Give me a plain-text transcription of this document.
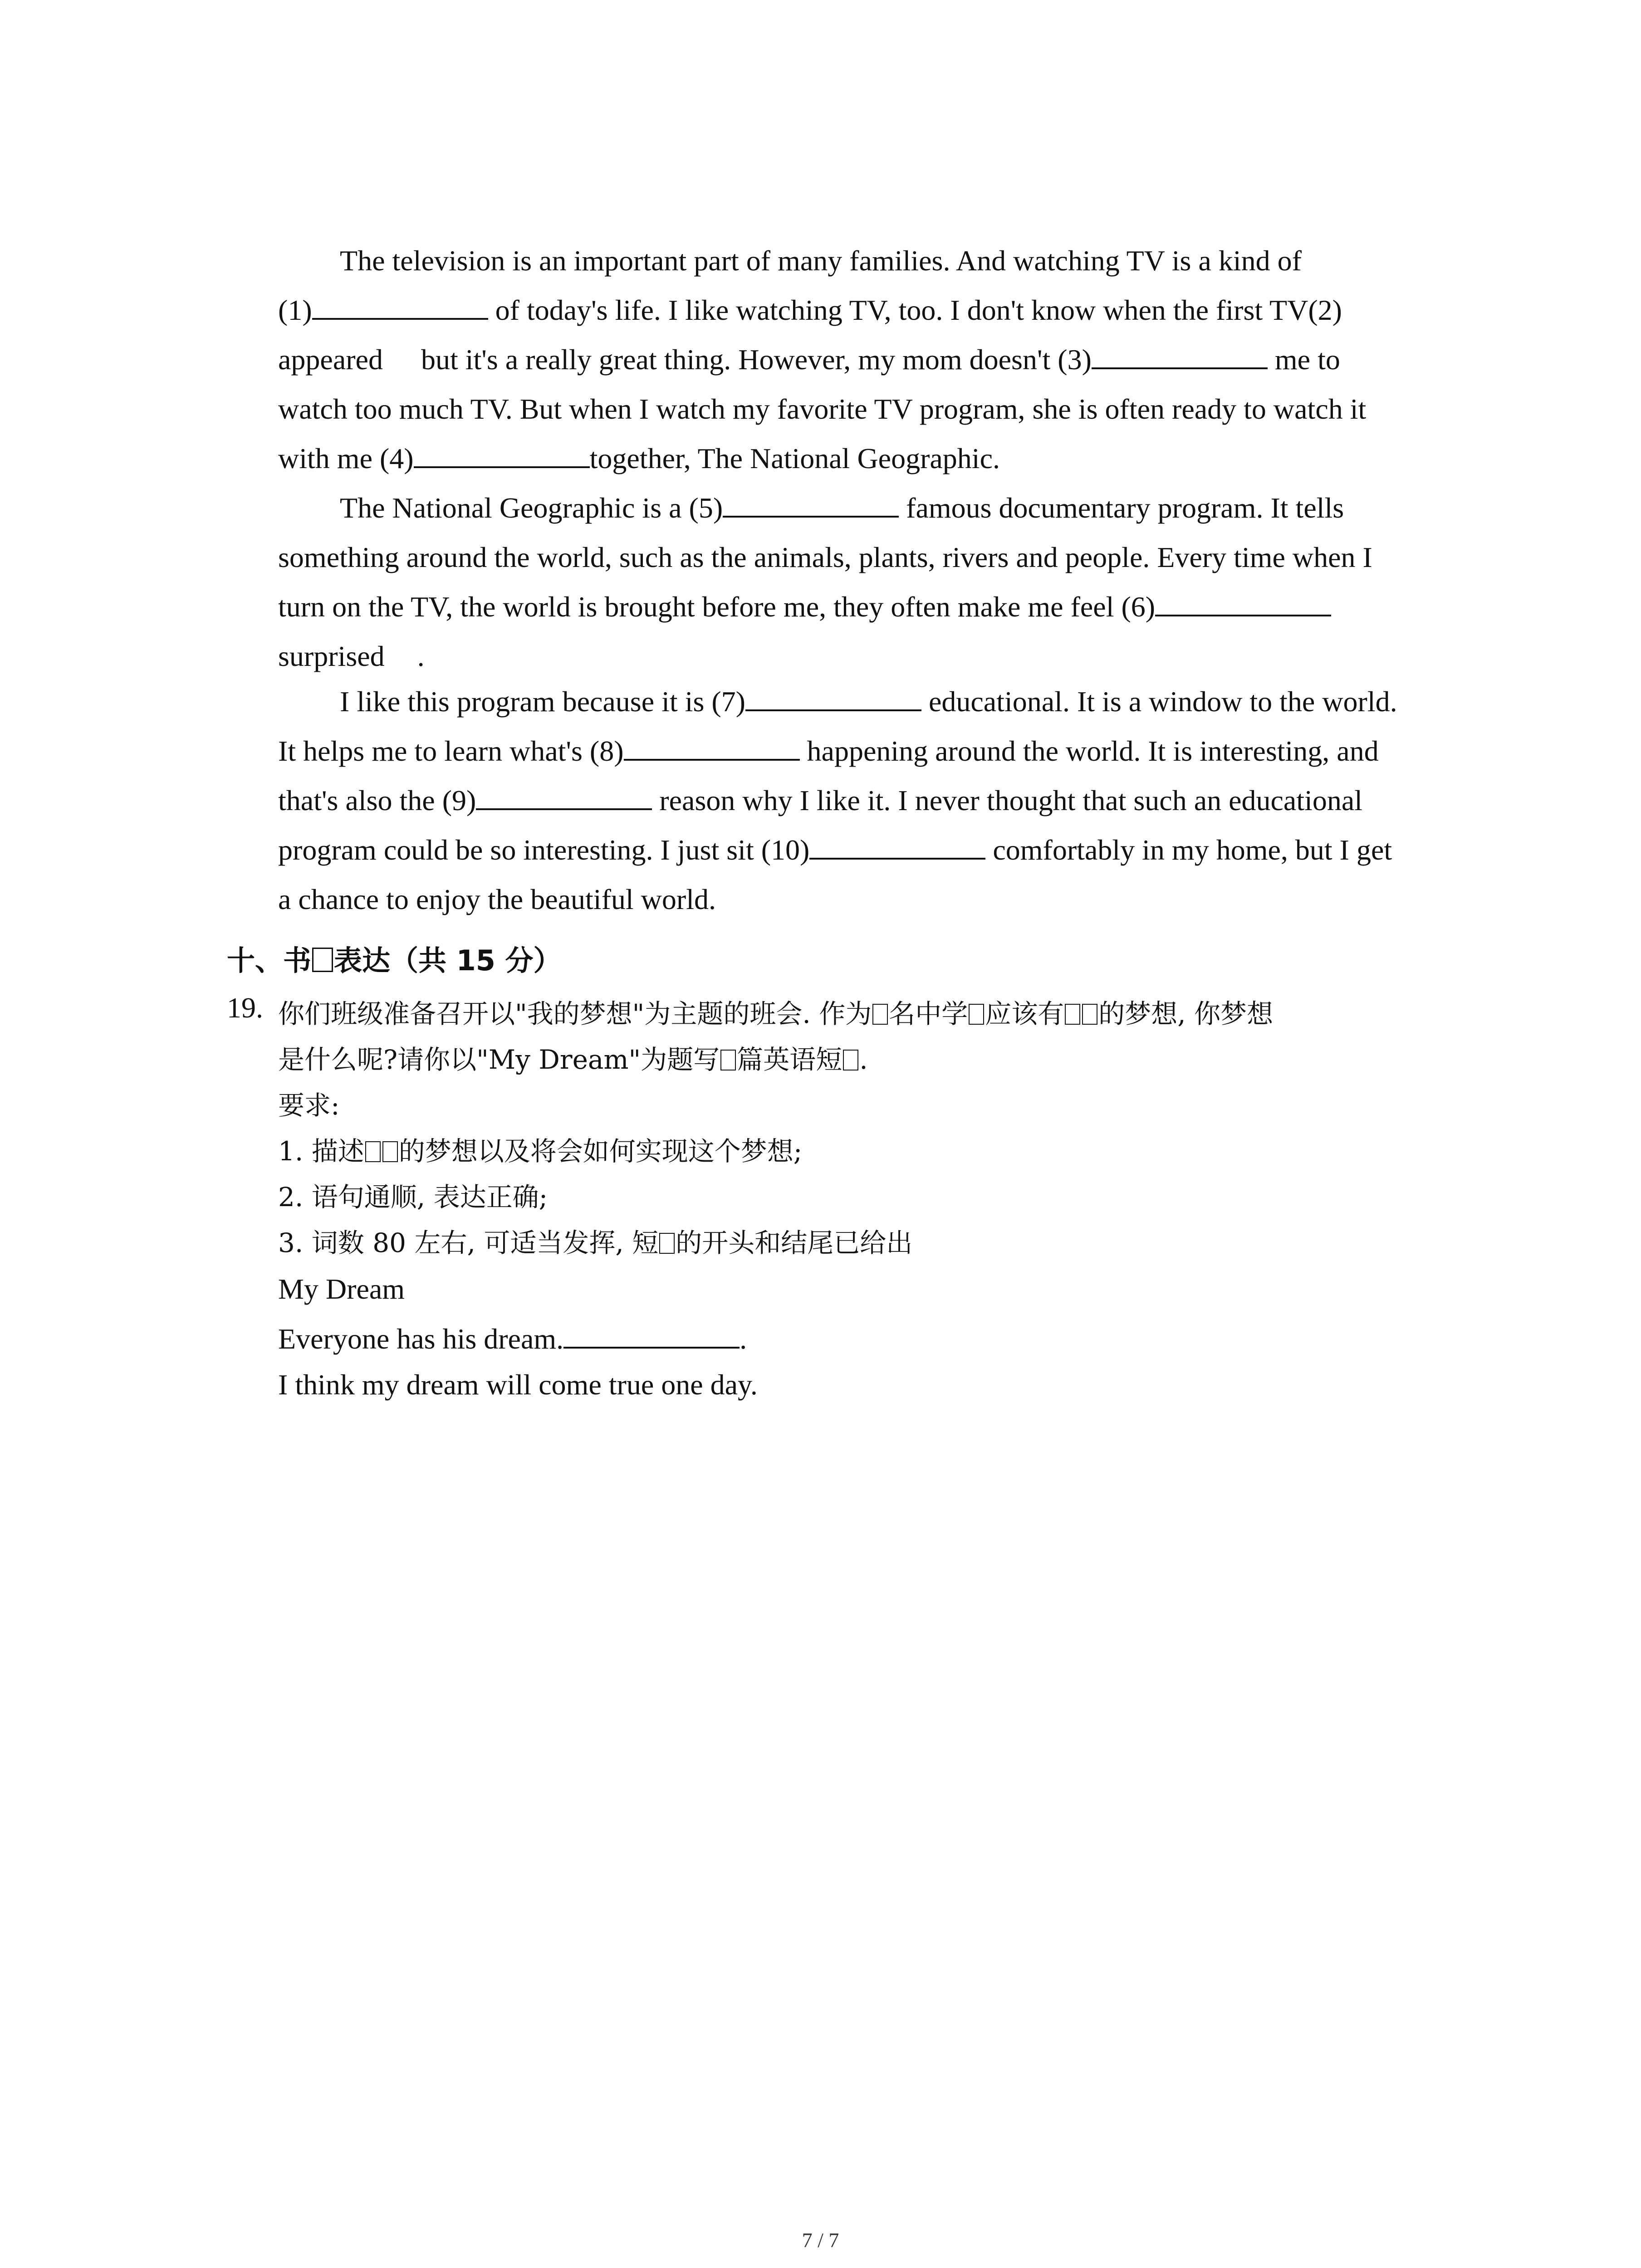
The television is an important part of many families. And watching TV is a kind of
(1)	of today's life. I like watching TV, too. I don't know when the first TV(2)
appeared but it's a really great thing. However, my mom doesn't (3)	me to
watch too much TV. But when I watch my favorite TV program, she is often ready to watch it
with me (4)	together, The National Geographic.
The National Geographic is a (5)	famous documentary program. It tells
something around the world, such as the animals, plants, rivers and people. Every time when I
turn on the TV, the world is brought before me, they often make me feel (6)
surprised .
I like this program because it is (7)	educational. It is a window to the world.
It helps me to learn what's (8)	happening around the world. It is interesting, and
that's also the (9)	reason why I like it. I never thought that such an educational
program could be so interesting. I just sit (10)	comfortably in my home, but I get
a chance to enjoy the beautiful world.
十、书 表达（共 15 分）
19. 你们班级准备召开以"我的梦想"为主题的班会. 作为 名中学 应该有 的梦想, 你梦想
是什么呢?请你以"My Dream"为题写 篇英语短 .
要求:
1. 描述 的梦想以及将会如何实现这个梦想;
2. 语句通顺, 表达正确;
3. 词数 80 左右, 可适当发挥, 短 的开头和结尾已给出
My Dream
Everyone has his dream.	.
I think my dream will come true one day.
7 / 7
